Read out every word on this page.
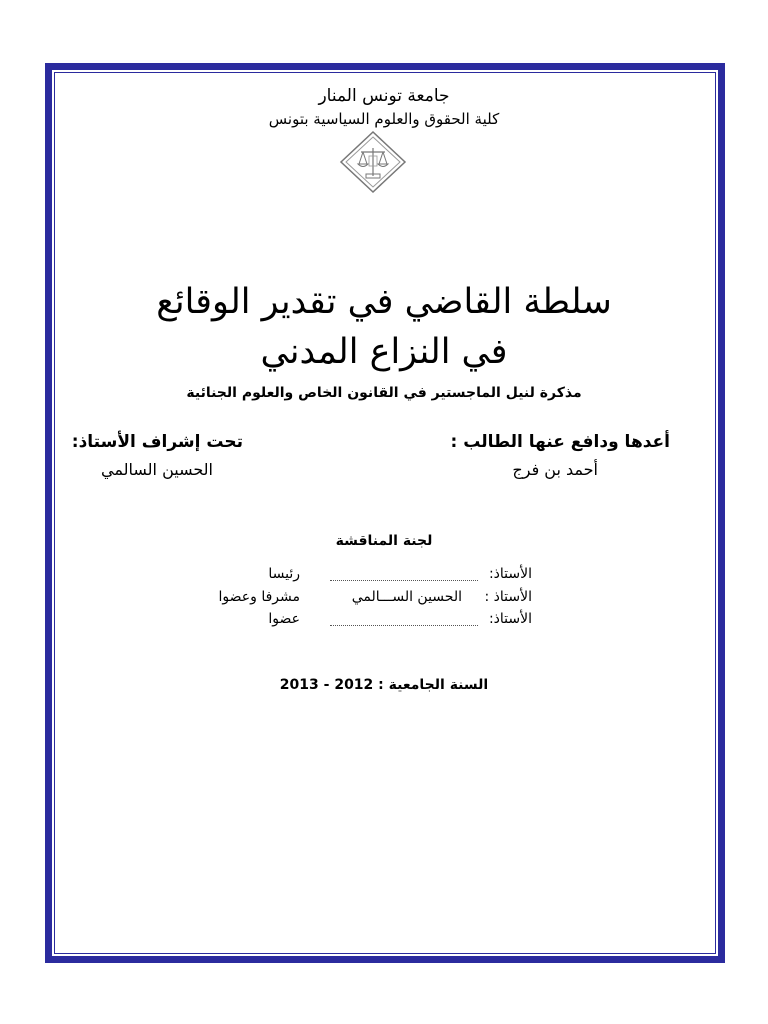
جامعة تونس المنار
كلية الحقوق والعلوم السياسية بتونس
سلطة القاضي في تقدير الوقائع
في النزاع المدني
مذكرة لنيل الماجستير في القانون الخاص والعلوم الجنائية
أعدها ودافع عنها الطالب :
تحت إشراف الأستاذ:
أحمد بن فرج
الحسين السالمي
لجنة المناقشة
الأستاذ:
رئيسا
الأستاذ :
الحسين الســـالمي
مشرفا وعضوا
الأستاذ:
عضوا
السنة الجامعية : 2012 - 2013
